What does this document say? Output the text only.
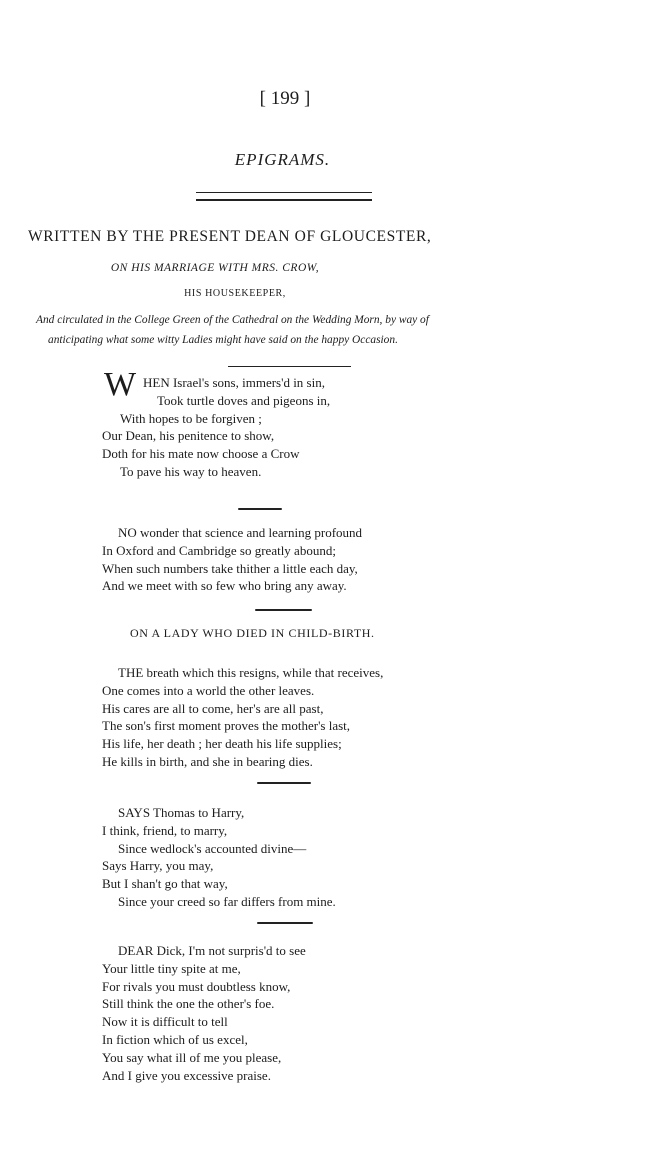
[ 199 ]
EPIGRAMS.
WRITTEN BY THE PRESENT DEAN OF GLOUCESTER,
ON HIS MARRIAGE WITH MRS. CROW,
HIS HOUSEKEEPER,
And circulated in the College Green of the Cathedral on the Wedding Morn, by way of
anticipating what some witty Ladies might have said on the happy Occasion.
W HEN Israel's sons, immers'd in sin,
Took turtle doves and pigeons in,
With hopes to be forgiven ;
Our Dean, his penitence to show,
Doth for his mate now choose a Crow
To pave his way to heaven.
NO wonder that science and learning profound
In Oxford and Cambridge so greatly abound;
When such numbers take thither a little each day,
And we meet with so few who bring any away.
ON A LADY WHO DIED IN CHILD-BIRTH.
THE breath which this resigns, while that receives,
One comes into a world the other leaves.
His cares are all to come, her's are all past,
The son's first moment proves the mother's last,
His life, her death ; her death his life supplies;
He kills in birth, and she in bearing dies.
SAYS Thomas to Harry,
I think, friend, to marry,
Since wedlock's accounted divine—
Says Harry, you may,
But I shan't go that way,
Since your creed so far differs from mine.
DEAR Dick, I'm not surpris'd to see
Your little tiny spite at me,
For rivals you must doubtless know,
Still think the one the other's foe.
Now it is difficult to tell
In fiction which of us excel,
You say what ill of me you please,
And I give you excessive praise.
